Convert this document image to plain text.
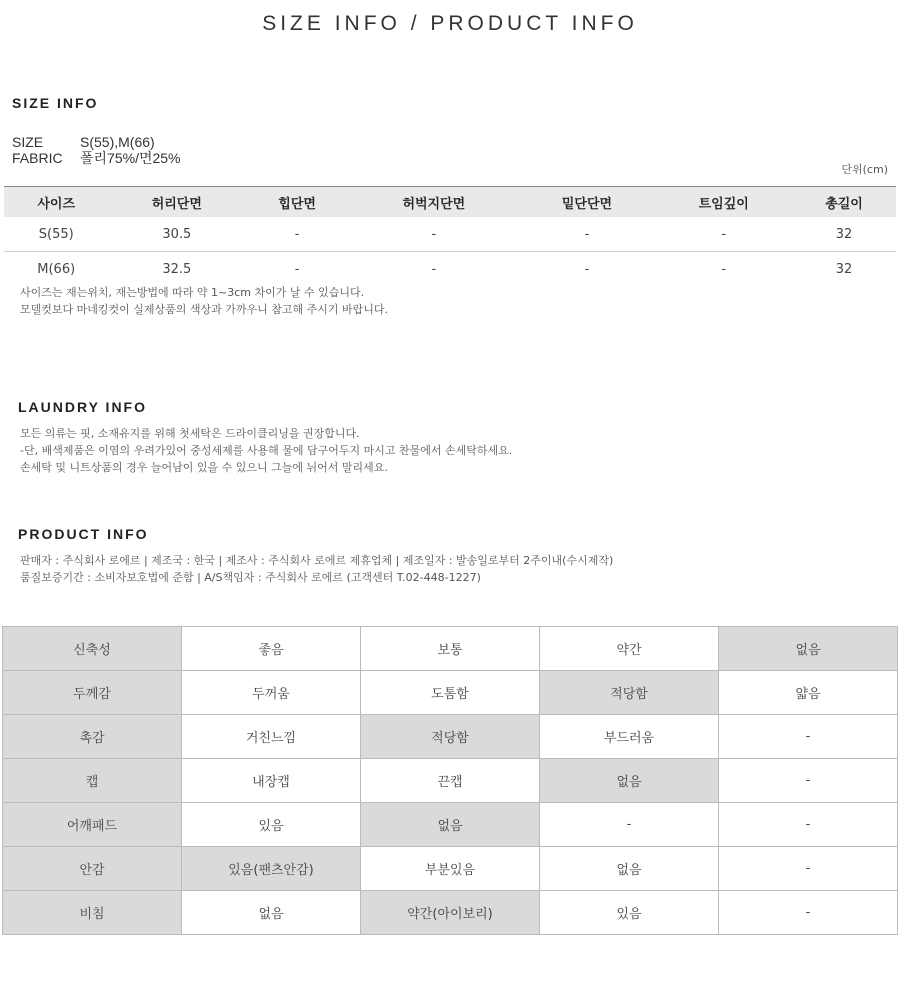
SIZE INFO / PRODUCT INFO
SIZE INFO
SIZE	S(55),M(66)
FABRIC 폴리75%/면25%
단위(cm)
사이즈	허리단면	힙단면	허벅지단면	밑단단면	트임깊이	총길이
S(55)	30.5	-	-	-	-	32
M(66)	32.5	-	-	-	-	32
사이즈는 재는위치, 재는방법에 따라 약 1~3cm 차이가 날 수 있습니다.
모델컷보다 마네킹컷이 실제상품의 색상과 가까우니 참고해 주시기 바랍니다.
LAUNDRY INFO
모든 의류는 핏, 소재유지를 위해 첫세탁은 드라이클리닝을 권장합니다.
-단, 배색제품은 이염의 우려가있어 중성세제를 사용해 물에 담구어두지 마시고 찬물에서 손세탁하세요.
손세탁 및 니트상품의 경우 늘어남이 있을 수 있으니 그늘에 뉘어서 말리세요.
PRODUCT INFO
판매자 : 주식회사 로에르 | 제조국 : 한국 | 제조사 : 주식회사 로에르 제휴업체 | 제조일자 : 발송일로부터 2주이내(수시제작)
품질보증기간 : 소비자보호법에 준함 | A/S책임자 : 주식회사 로에르 (고객센터 T.02-448-1227)
신축성	좋음	보통	약간	없음
두께감	두꺼움	도톰함	적당함	얇음
촉감	거친느낌	적당함	부드러움	-
캡	내장캡	끈캡	없음	-
어깨패드	있음	없음	-	-
안감	있음(팬츠안감)	부분있음	없음	-
비침	없음	약간(아이보리)	있음	-
